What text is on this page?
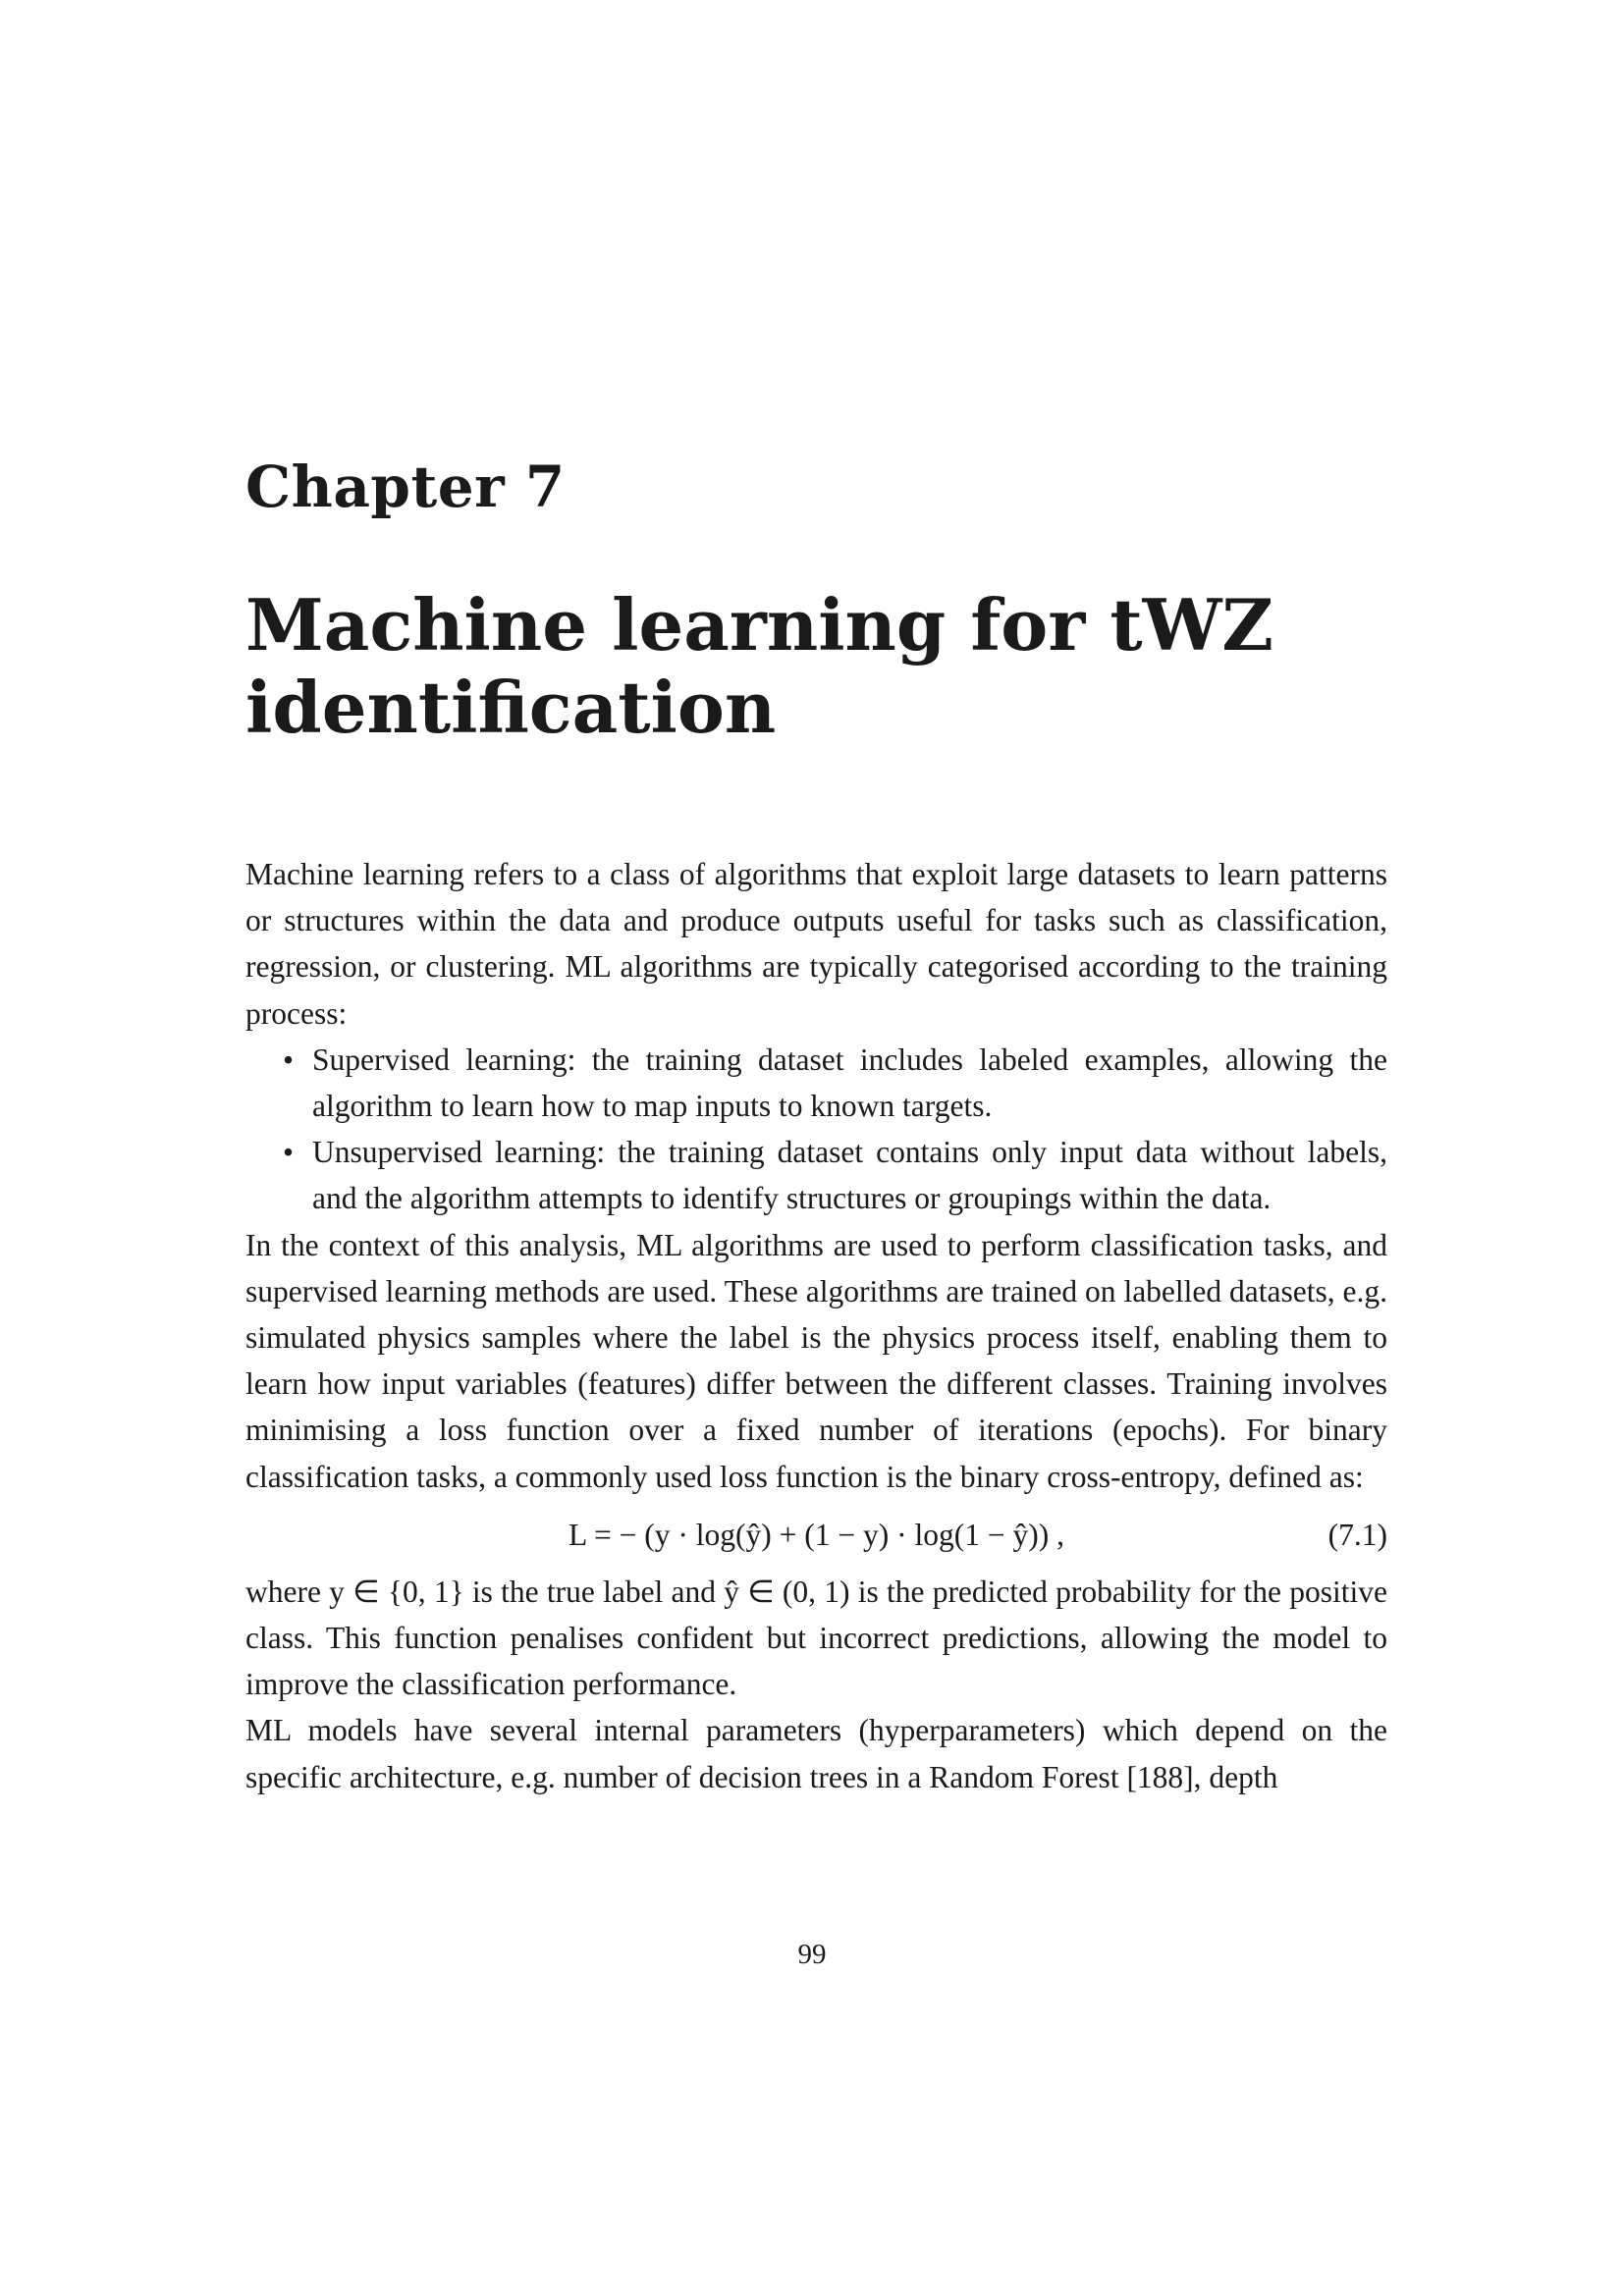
Chapter 7
Machine learning for tWZ
identification

Machine learning refers to a class of algorithms that exploit large datasets to learn patterns or structures within the data and produce outputs useful for tasks such as classification, regression, or clustering. ML algorithms are typically categorised according to the training process:

• Supervised learning: the training dataset includes labeled examples, allowing the algorithm to learn how to map inputs to known targets.
• Unsupervised learning: the training dataset contains only input data without labels, and the algorithm attempts to identify structures or groupings within the data.

In the context of this analysis, ML algorithms are used to perform classification tasks, and supervised learning methods are used. These algorithms are trained on labelled datasets, e.g. simulated physics samples where the label is the physics process itself, enabling them to learn how input variables (features) differ between the different classes. Training involves minimising a loss function over a fixed number of iterations (epochs). For binary classification tasks, a commonly used loss function is the binary cross-entropy, defined as:

L = − (y · log(ŷ) + (1 − y) · log(1 − ŷ)) ,	(7.1)

where y ∈ {0, 1} is the true label and ŷ ∈ (0, 1) is the predicted probability for the positive class. This function penalises confident but incorrect predictions, allowing the model to improve the classification performance.

ML models have several internal parameters (hyperparameters) which depend on the specific architecture, e.g. number of decision trees in a Random Forest [188], depth

99
